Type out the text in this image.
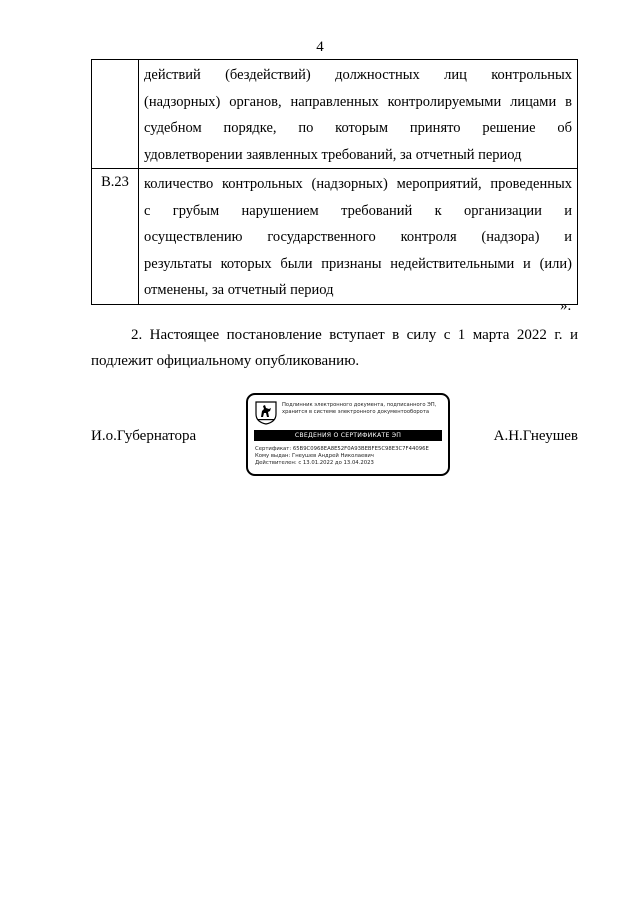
4

	действий (бездействий) должностных лиц контрольных
(надзорных) органов, направленных контролируемыми лицами в
судебном порядке, по которым принято решение об
удовлетворении заявленных требований, за отчетный период

В.23	количество контрольных (надзорных) мероприятий, проведенных
с грубым нарушением требований к организации и
осуществлению государственного контроля (надзора) и
результаты которых были признаны недействительными и (или)
отменены, за отчетный период
».
2. Настоящее постановление вступает в силу с 1 марта 2022 г. и
подлежит официальному опубликованию.
И.о.Губернатора	А.Н.Гнеушев
Подлинник электронного документа, подписанного ЭП,
хранится в системе электронного документооборота
СВЕДЕНИЯ О СЕРТИФИКАТЕ ЭП
Сертификат: 65B9C0968EA8E52F0A93BEBFE5C98E3C7F44096E
Кому выдан: Гнеушев Андрей Николаевич
Действителен: с 13.01.2022 до 13.04.2023
